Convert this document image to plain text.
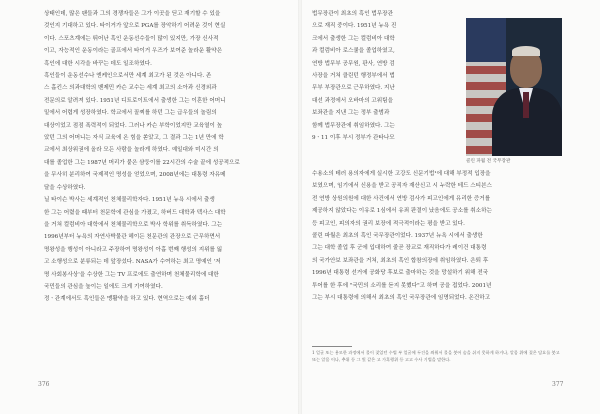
상태인데, 많은 팬들과 그의 경쟁자들은 그가 이곳을 딛고 재기할 수 있을

것인지 기대하고 있다. 타이거가 앞으로 PGA를 장악하기 어려운 것이 현실

이다. 스포츠계에는 뛰어난 흑인 운동선수들이 많이 있지만, 가장 신사적

이고, 자능적인 운동이라는 골프에서 타이거 우즈가 보여준 놀라운 활약은

흑인에 대한 시각을 바꾸는 데도 일조하였다.

흑인들이 운동선수나 엔케인으로서만 세계 최고가 된 것은 아니다. 존

스 홉킨스 의과대학의 벤제민 카슨 교수는 세계 최고의 소아과 신경외과

전문의로 알려져 있다. 1951년 디트로이트에서 출생한 그는 이혼한 어머니

밑에서 어렵게 성장하였다. 학교에서 꼴찌를 하던 그는 급우들의 놀림의

대상이었고 점점 폭력적이 되었다. 그러나 카슨 부학이었지만 교육열이 높

았던 그의 어머니는 자식 교육에 온 힘을 쏟았고, 그 결과 그는 1년 만에 학

교에서 최상위권에 올라 모든 사람을 놀라게 하였다. 예일대와 미시간 의

대를 졸업한 그는 1987년 머리가 붙은 샴둥이를 22시간의 수술 끝에 성공적으로

을 무사히 분리하여 국제적인 명성을 얻었으며, 2008년에는 대통령 자유메

달을 수상하였다.

닐 타이슨 박사는 세계적인 천체물리학자다. 1951년 뉴욕 시에서 출생

한 그는 어렸을 때부터 천문학에 관심을 가졌고, 하버드 대학과 텍사스 대학

을 거쳐 컬럼비아 대학에서 천체물리학으로 박사 학위를 취득하였다. 그는

1996년부터 뉴욕의 자연사박물관 헤이든 천문관의 관장으로 근무하면서

명왕성을 행성이 아니라고 주장하여 명왕성이 아홉 번째 행성의 지위를 잃

고 소행성으로 분류되는 데 앞장섰다. NASA가 수여하는 최고 명예인 '저

명 사회봉사상'을 수상한 그는 TV 프로에도 출연하며 천체물리학에 대한

국민들의 관심을 높이는 일에도 크게 기여하였다.

정ㆍ관계에서도 흑인들은 맹활약을 하고 있다. 현역으로는 예외 홀더

법무장관이 최초의 흑인 법무장관

으로 재직 중이다. 1951년 뉴욕 진

크에서 출생한 그는 컬럼비아 대학

과 컬럼비아 로스쿨을 졸업하였고,

연방 법무부 공무원, 판사, 연방 검

사장을 거쳐 클린턴 행정부에서 법

무부 부장관으로 근무하였다. 지난

대선 과정에서 오바마의 고위팀을

보좌관을 지낸 그는 정부 출범과

함께 법무장관에 취임하였다. 그는

9ㆍ11 이후 부시 정부가 관타나모

콜린 파월 전 국무장관

수용소의 테러 용의자에게 실시한 고강도 신문기법¹에 대해 부정적 입장을

보였으며, 임기에서 신용을 받고 공직자 재산신고 시 누락한 테드 스티븐스

전 연방 상원의원에 대한 사건에서 연방 검사가 피고인에게 유리한 증거를

제공하지 않았다는 이유로 1심에서 유죄 판결이 났음에도 공소를 취소하는

등 피고인, 피의자의 권리 보장에 적극적이라는 평을 받고 있다.

콜린 파월은 최초의 흑인 국무장관이었다. 1937년 뉴욕 시에서 출생한

그는 대학 졸업 후 군에 입대하여 줄곧 장교로 재직하다가 레이건 대통령

의 국가안보 보좌관을 거쳐, 최초의 흑인 합참의장에 취임하였다. 은퇴 후

1996년 대통령 선거에 공화당 후보로 출마하는 것을 망설하기 위해 전국

투어를 한 후에 "국민의 소리를 듣지 못했다"고 하며 공을 접었다. 2001년

그는 부시 대통령에 의해서 최초의 흑인 국무장관에 임명되었다. 온건하고

1 얼굴 또는 용모한 과정에서 물이 젖었던 수법 부 얼굴에 두건을 씌워서 물을 붓어 숨을 쉬지 못하게 하거나, 알몸 위에 젖은 담요를 붓고

또는 알몸 이나, 추위 등 그 빛 같은 고 가혹행위 등 고고 수사 기법을 말한다.

376	377
